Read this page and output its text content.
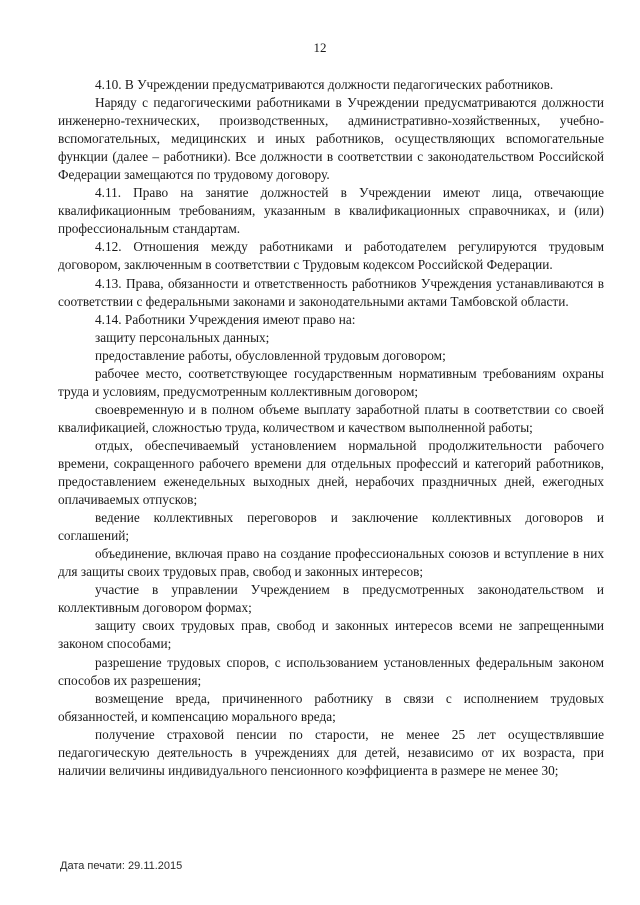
12

4.10. В Учреждении предусматриваются должности педагогических работников.

Наряду с педагогическими работниками в Учреждении предусматриваются должности инженерно-технических, производственных, административно-хозяйственных, учебно-вспомогательных, медицинских и иных работников, осуществляющих вспомогательные функции (далее – работники). Все должности в соответствии с законодательством Российской Федерации замещаются по трудовому договору.

4.11. Право на занятие должностей в Учреждении имеют лица, отвечающие квалификационным требованиям, указанным в квалификационных справочниках, и (или) профессиональным стандартам.

4.12. Отношения между работниками и работодателем регулируются трудовым договором, заключенным в соответствии с Трудовым кодексом Российской Федерации.

4.13. Права, обязанности и ответственность работников Учреждения устанавливаются в соответствии с федеральными законами и законодательными актами Тамбовской области.

4.14. Работники Учреждения имеют право на:

защиту персональных данных;

предоставление работы, обусловленной трудовым договором;

рабочее место, соответствующее государственным нормативным требованиям охраны труда и условиям, предусмотренным коллективным договором;

своевременную и в полном объеме выплату заработной платы в соответствии со своей квалификацией, сложностью труда, количеством и качеством выполненной работы;

отдых, обеспечиваемый установлением нормальной продолжительности рабочего времени, сокращенного рабочего времени для отдельных профессий и категорий работников, предоставлением еженедельных выходных дней, нерабочих праздничных дней, ежегодных оплачиваемых отпусков;

ведение коллективных переговоров и заключение коллективных договоров и соглашений;

объединение, включая право на создание профессиональных союзов и вступление в них для защиты своих трудовых прав, свобод и законных интересов;

участие в управлении Учреждением в предусмотренных законодательством и коллективным договором формах;

защиту своих трудовых прав, свобод и законных интересов всеми не запрещенными законом способами;

разрешение трудовых споров, с использованием установленных федеральным законом способов их разрешения;

возмещение вреда, причиненного работнику в связи с исполнением трудовых обязанностей, и компенсацию морального вреда;

получение страховой пенсии по старости, не менее 25 лет осуществлявшие педагогическую деятельность в учреждениях для детей, независимо от их возраста, при наличии величины индивидуального пенсионного коэффициента в размере не менее 30;

Дата печати: 29.11.2015
